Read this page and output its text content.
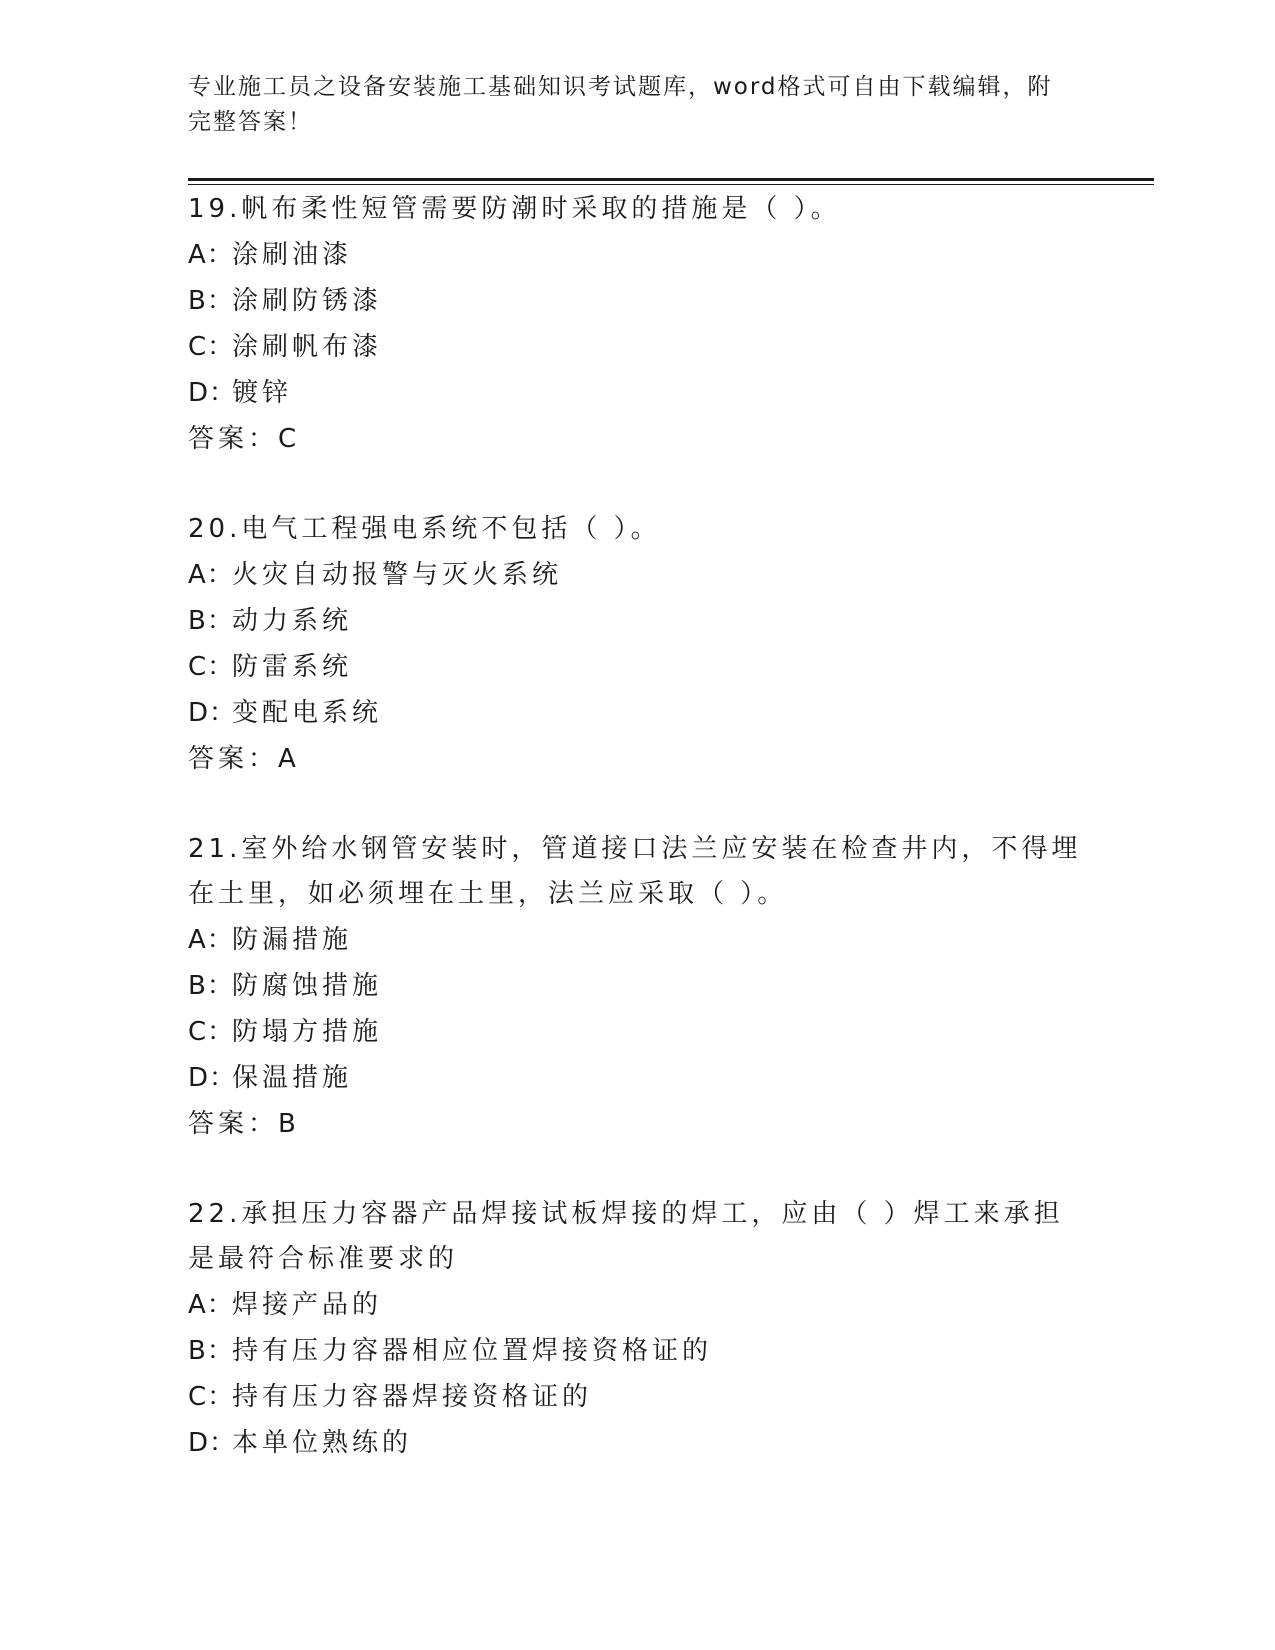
专业施工员之设备安装施工基础知识考试题库，word格式可自由下载编辑，附完整答案！
19.帆布柔性短管需要防潮时采取的措施是（ ）。
A：涂刷油漆
B：涂刷防锈漆
C：涂刷帆布漆
D：镀锌
答案：C
20.电气工程强电系统不包括（ ）。
A：火灾自动报警与灭火系统
B：动力系统
C：防雷系统
D：变配电系统
答案：A
21.室外给水钢管安装时，管道接口法兰应安装在检查井内，不得埋在土里，如必须埋在土里，法兰应采取（ ）。
A：防漏措施
B：防腐蚀措施
C：防塌方措施
D：保温措施
答案：B
22.承担压力容器产品焊接试板焊接的焊工，应由（ ）焊工来承担是最符合标准要求的
A：焊接产品的
B：持有压力容器相应位置焊接资格证的
C：持有压力容器焊接资格证的
D：本单位熟练的
